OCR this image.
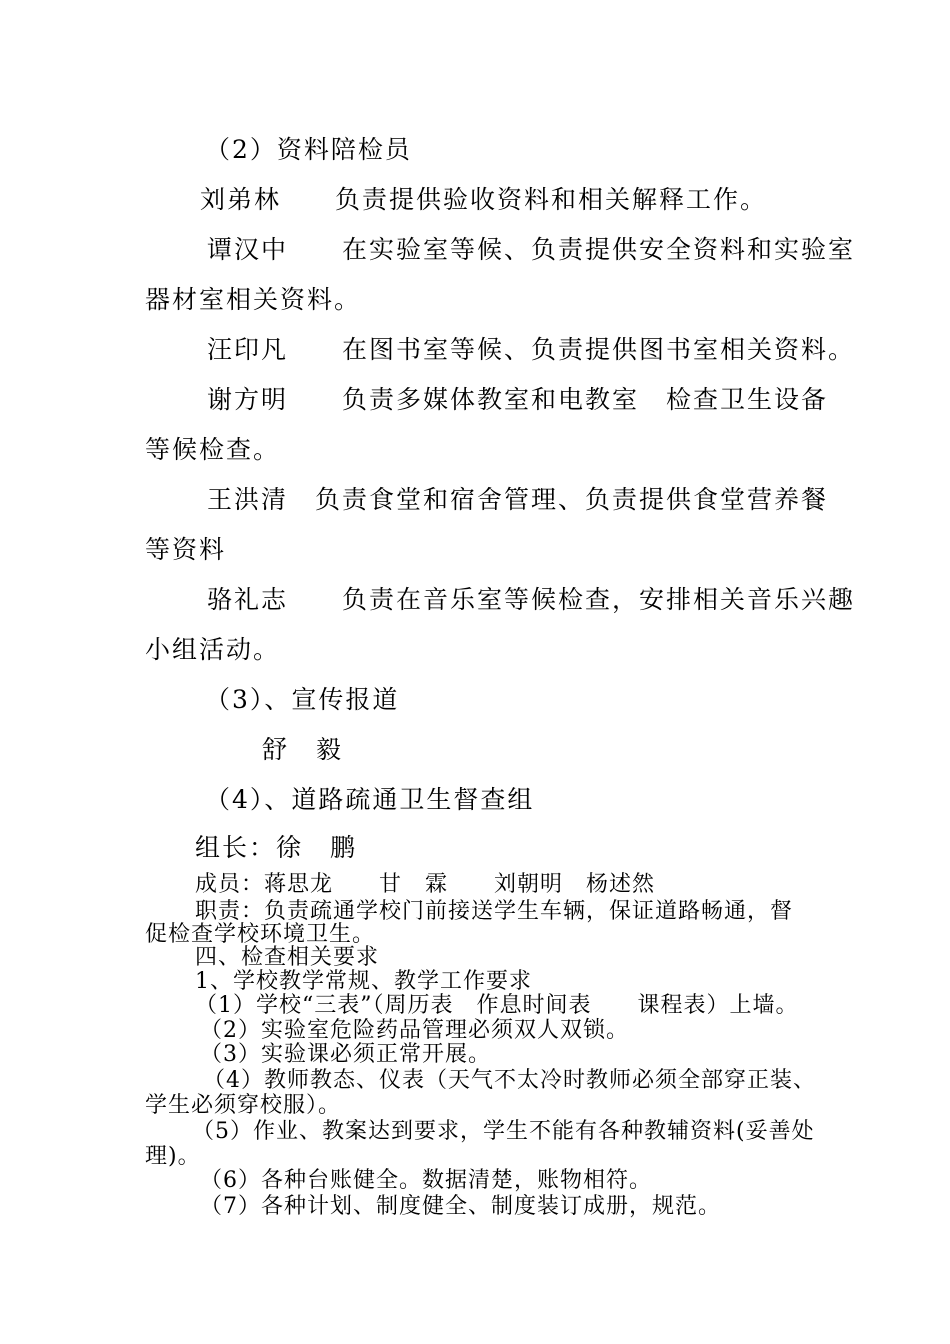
（2）资料陪检员
刘弟林　　负责提供验收资料和相关解释工作。
谭汉中　　在实验室等候、负责提供安全资料和实验室
器材室相关资料。
汪印凡　　在图书室等候、负责提供图书室相关资料。
谢方明　　负责多媒体教室和电教室　检查卫生设备
等候检查。
王洪清　负责食堂和宿舍管理、负责提供食堂营养餐
等资料
骆礼志　　负责在音乐室等候检查，安排相关音乐兴趣
小组活动。
（3）、宣传报道
舒　毅
（4）、道路疏通卫生督查组
组长：徐　鹏
成员：蒋思龙　　甘　霖　　刘朝明　杨述然
职责：负责疏通学校门前接送学生车辆，保证道路畅通，督
促检查学校环境卫生。
四、检查相关要求
1、学校教学常规、教学工作要求
（1）学校“三表”（周历表　作息时间表　　课程表）上墙。
（2）实验室危险药品管理必须双人双锁。
（3）实验课必须正常开展。
（4）教师教态、仪表（天气不太冷时教师必须全部穿正装、
学生必须穿校服）。
（5）作业、教案达到要求，学生不能有各种教辅资料(妥善处
理)。
（6）各种台账健全。数据清楚，账物相符。
（7）各种计划、制度健全、制度装订成册，规范。
